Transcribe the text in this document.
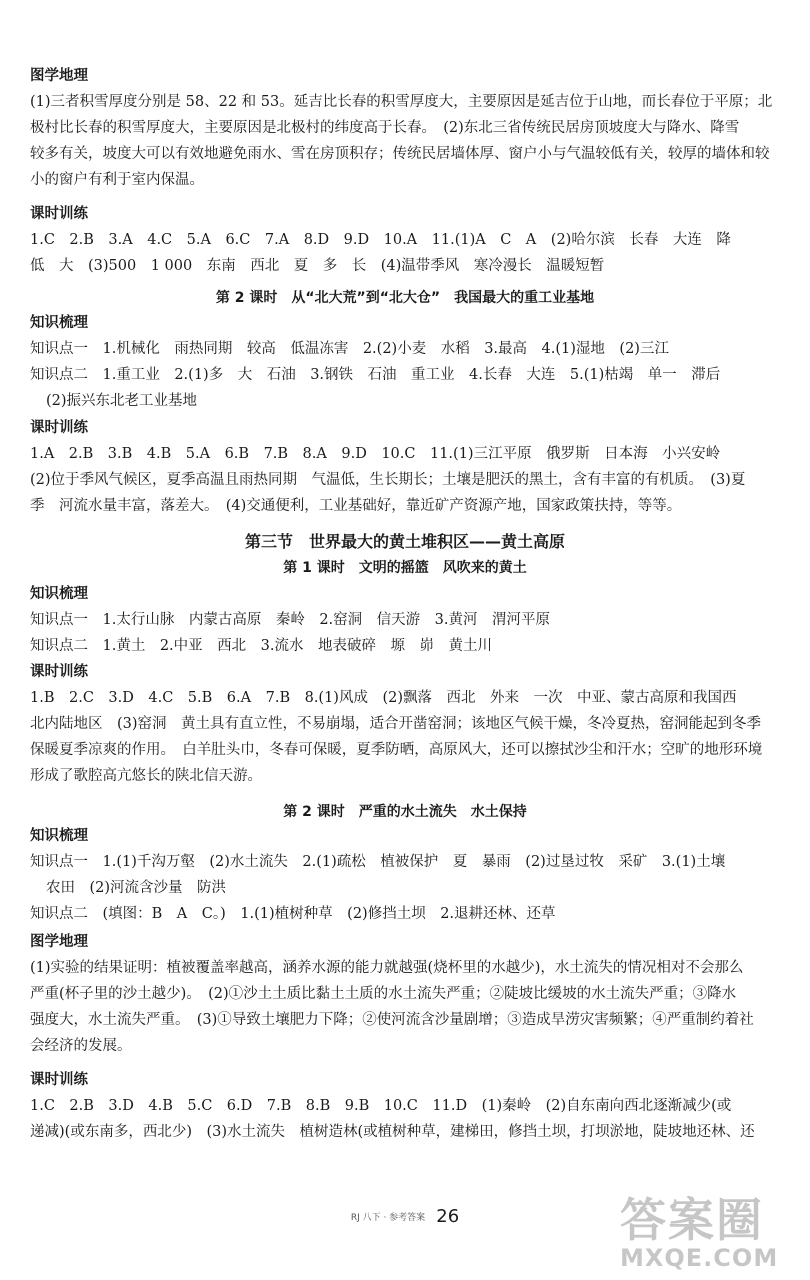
图学地理

(1)三者积雪厚度分别是 58、22 和 53。延吉比长春的积雪厚度大，主要原因是延吉位于山地，而长春位于平原；北

极村比长春的积雪厚度大，主要原因是北极村的纬度高于长春。　(2)东北三省传统民居房顶坡度大与降水、降雪

较多有关，坡度大可以有效地避免雨水、雪在房顶积存；传统民居墙体厚、窗户小与气温较低有关，较厚的墙体和较

小的窗户有利于室内保温。

课时训练

1.C　2.B　3.A　4.C　5.A　6.C　7.A　8.D　9.D　10.A　11.(1)A　C　A　(2)哈尔滨　长春　大连　降

低　大　(3)500　1 000　东南　西北　夏　多　长　(4)温带季风　寒冷漫长　温暖短暂

第 2 课时　从“北大荒”到“北大仓”　我国最大的重工业基地
知识梳理

知识点一　1.机械化　雨热同期　较高　低温冻害　2.(2)小麦　水稻　3.最高　4.(1)湿地　(2)三江

知识点二　1.重工业　2.(1)多　大　石油　3.钢铁　石油　重工业　4.长春　大连　5.(1)枯竭　单一　滞后

(2)振兴东北老工业基地

课时训练

1.A　2.B　3.B　4.B　5.A　6.B　7.B　8.A　9.D　10.C　11.(1)三江平原　俄罗斯　日本海　小兴安岭

(2)位于季风气候区，夏季高温且雨热同期　气温低，生长期长；土壤是肥沃的黑土，含有丰富的有机质。　(3)夏

季　河流水量丰富，落差大。　(4)交通便利，工业基础好，靠近矿产资源产地，国家政策扶持，等等。

第三节　世界最大的黄土堆积区——黄土高原
第 1 课时　文明的摇篮　风吹来的黄土
知识梳理

知识点一　1.太行山脉　内蒙古高原　秦岭　2.窑洞　信天游　3.黄河　渭河平原

知识点二　1.黄土　2.中亚　西北　3.流水　地表破碎　塬　峁　黄土川

课时训练

1.B　2.C　3.D　4.C　5.B　6.A　7.B　8.(1)风成　(2)飘落　西北　外来　一次　中亚、蒙古高原和我国西

北内陆地区　(3)窑洞　黄土具有直立性，不易崩塌，适合开凿窑洞；该地区气候干燥，冬冷夏热，窑洞能起到冬季

保暖夏季凉爽的作用。　白羊肚头巾，冬春可保暖，夏季防晒，高原风大，还可以擦拭沙尘和汗水；空旷的地形环境

形成了歌腔高亢悠长的陕北信天游。

第 2 课时　严重的水土流失　水土保持
知识梳理

知识点一　1.(1)千沟万壑　(2)水土流失　2.(1)疏松　植被保护　夏　暴雨　(2)过垦过牧　采矿　3.(1)土壤

农田　(2)河流含沙量　防洪

知识点二　(填图：B　A　C。)　1.(1)植树种草　(2)修挡土坝　2.退耕还林、还草

图学地理

(1)实验的结果证明：植被覆盖率越高，涵养水源的能力就越强(烧杯里的水越少)，水土流失的情况相对不会那么

严重(杯子里的沙土越少)。　(2)①沙土土质比黏土土质的水土流失严重；②陡坡比缓坡的水土流失严重；③降水

强度大，水土流失严重。　(3)①导致土壤肥力下降；②使河流含沙量剧增；③造成旱涝灾害频繁；④严重制约着社

会经济的发展。

课时训练

1.C　2.B　3.D　4.B　5.C　6.D　7.B　8.B　9.B　10.C　11.D　(1)秦岭　(2)自东南向西北逐渐减少(或

递减)(或东南多，西北少)　(3)水土流失　植树造林(或植树种草，建梯田，修挡土坝，打坝淤地，陡坡地还林、还

RJ 八下 · 参考答案 26	答案圈
MXQE.COM
